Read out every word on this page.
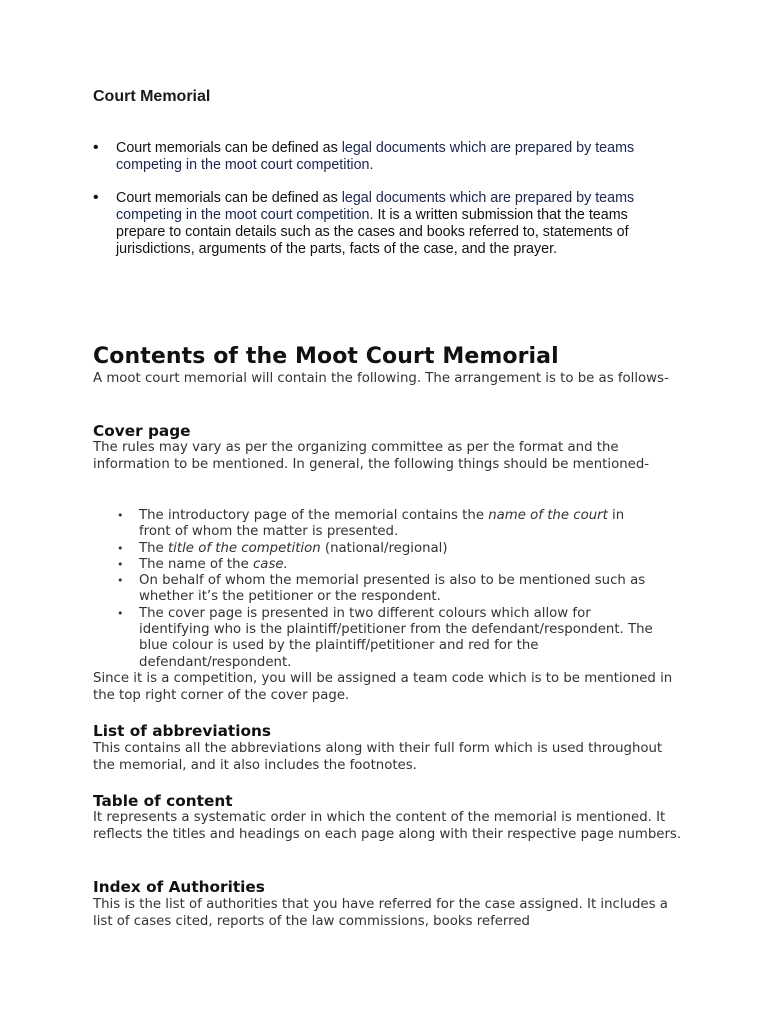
Court Memorial
• Court memorials can be defined as legal documents which are prepared by teams competing in the moot court competition.
• Court memorials can be defined as legal documents which are prepared by teams competing in the moot court competition. It is a written submission that the teams prepare to contain details such as the cases and books referred to, statements of jurisdictions, arguments of the parts, facts of the case, and the prayer.
Contents of the Moot Court Memorial

A moot court memorial will contain the following. The arrangement is to be as follows-

Cover page

The rules may vary as per the organizing committee as per the format and the information to be mentioned. In general, the following things should be mentioned-

• The introductory page of the memorial contains the name of the court in front of whom the matter is presented.
• The title of the competition (national/regional)
• The name of the case.
• On behalf of whom the memorial presented is also to be mentioned such as whether it’s the petitioner or the respondent.
• The cover page is presented in two different colours which allow for identifying who is the plaintiff/petitioner from the defendant/respondent. The blue colour is used by the plaintiff/petitioner and red for the defendant/respondent.

Since it is a competition, you will be assigned a team code which is to be mentioned in the top right corner of the cover page.

List of abbreviations

This contains all the abbreviations along with their full form which is used throughout the memorial, and it also includes the footnotes.

Table of content

It represents a systematic order in which the content of the memorial is mentioned. It reflects the titles and headings on each page along with their respective page numbers.

Index of Authorities

This is the list of authorities that you have referred for the case assigned. It includes a list of cases cited, reports of the law commissions, books referred
